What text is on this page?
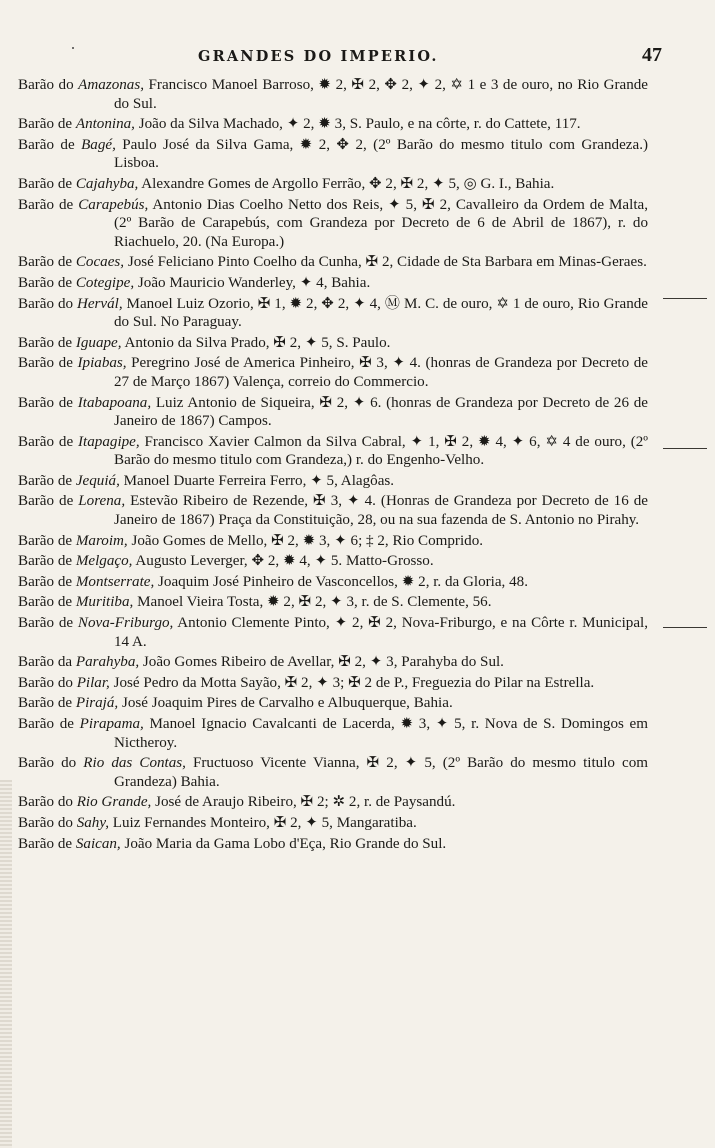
GRANDES DO IMPERIO.	47

Barão do Amazonas, Francisco Manoel Barroso, ✹ 2, ✠ 2, ✥ 2, ✦ 2, ✡ 1 e 3 de ouro, no Rio Grande do Sul.

Barão de Antonina, João da Silva Machado, ✦ 2, ✹ 3, S. Paulo, e na côrte, r. do Cattete, 117.

Barão de Bagé, Paulo José da Silva Gama, ✹ 2, ✥ 2, (2º Barão do mesmo titulo com Grandeza.) Lisboa.

Barão de Cajahyba, Alexandre Gomes de Argollo Ferrão, ✥ 2, ✠ 2, ✦ 5, ◎ G. I., Bahia.

Barão de Carapebús, Antonio Dias Coelho Netto dos Reis, ✦ 5, ✠ 2, Cavalleiro da Ordem de Malta, (2º Barão de Carapebús, com Grandeza por Decreto de 6 de Abril de 1867), r. do Riachuelo, 20. (Na Europa.)

Barão de Cocaes, José Feliciano Pinto Coelho da Cunha, ✠ 2, Cidade de Sta Barbara em Minas-Geraes.

Barão de Cotegipe, João Mauricio Wanderley, ✦ 4, Bahia.

Barão do Hervál, Manoel Luiz Ozorio, ✠ 1, ✹ 2, ✥ 2, ✦ 4, Ⓜ M. C. de ouro, ✡ 1 de ouro, Rio Grande do Sul. No Paraguay.

Barão de Iguape, Antonio da Silva Prado, ✠ 2, ✦ 5, S. Paulo.

Barão de Ipiabas, Peregrino José de America Pinheiro, ✠ 3, ✦ 4. (honras de Grandeza por Decreto de 27 de Março 1867) Valença, correio do Commercio.

Barão de Itabapoana, Luiz Antonio de Siqueira, ✠ 2, ✦ 6. (honras de Grandeza por Decreto de 26 de Janeiro de 1867) Campos.

Barão de Itapagipe, Francisco Xavier Calmon da Silva Cabral, ✦ 1, ✠ 2, ✹ 4, ✦ 6, ✡ 4 de ouro, (2º Barão do mesmo titulo com Grandeza,) r. do Engenho-Velho.

Barão de Jequiá, Manoel Duarte Ferreira Ferro, ✦ 5, Alagôas.

Barão de Lorena, Estevão Ribeiro de Rezende, ✠ 3, ✦ 4. (Honras de Grandeza por Decreto de 16 de Janeiro de 1867) Praça da Constituição, 28, ou na sua fazenda de S. Antonio no Pirahy.

Barão de Maroim, João Gomes de Mello, ✠ 2, ✹ 3, ✦ 6; ‡ 2, Rio Comprido.

Barão de Melgaço, Augusto Leverger, ✥ 2, ✹ 4, ✦ 5. Matto-Grosso.

Barão de Montserrate, Joaquim José Pinheiro de Vasconcellos, ✹ 2, r. da Gloria, 48.

Barão de Muritiba, Manoel Vieira Tosta, ✹ 2, ✠ 2, ✦ 3, r. de S. Clemente, 56.

Barão de Nova-Friburgo, Antonio Clemente Pinto, ✦ 2, ✠ 2, Nova-Friburgo, e na Côrte r. Municipal, 14 A.

Barão da Parahyba, João Gomes Ribeiro de Avellar, ✠ 2, ✦ 3, Parahyba do Sul.

Barão do Pilar, José Pedro da Motta Sayão, ✠ 2, ✦ 3; ✠ 2 de P., Freguezia do Pilar na Estrella.

Barão de Pirajá, José Joaquim Pires de Carvalho e Albuquerque, Bahia.

Barão de Pirapama, Manoel Ignacio Cavalcanti de Lacerda, ✹ 3, ✦ 5, r. Nova de S. Domingos em Nictheroy.

Barão do Rio das Contas, Fructuoso Vicente Vianna, ✠ 2, ✦ 5, (2º Barão do mesmo titulo com Grandeza) Bahia.

Barão do Rio Grande, José de Araujo Ribeiro, ✠ 2; ✲ 2, r. de Paysandú.

Barão do Sahy, Luiz Fernandes Monteiro, ✠ 2, ✦ 5, Mangaratiba.

Barão de Saican, João Maria da Gama Lobo d'Eça, Rio Grande do Sul.
